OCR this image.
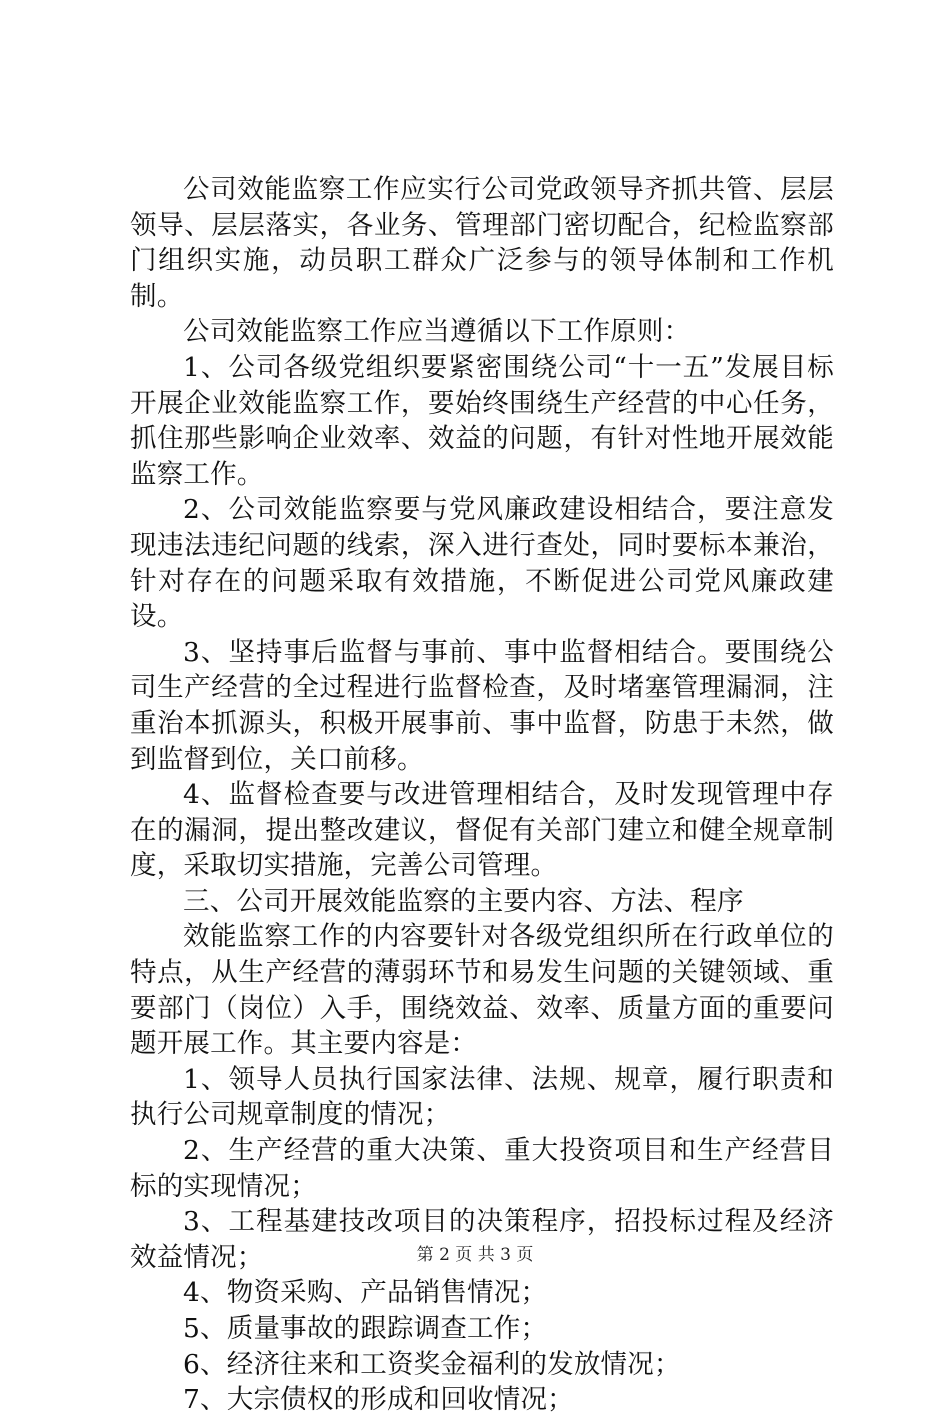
公司效能监察工作应实行公司党政领导齐抓共管、层层领导、层层落实，各业务、管理部门密切配合，纪检监察部门组织实施，动员职工群众广泛参与的领导体制和工作机制。

公司效能监察工作应当遵循以下工作原则：

1、公司各级党组织要紧密围绕公司“十一五”发展目标开展企业效能监察工作，要始终围绕生产经营的中心任务，抓住那些影响企业效率、效益的问题，有针对性地开展效能监察工作。

2、公司效能监察要与党风廉政建设相结合，要注意发现违法违纪问题的线索，深入进行查处，同时要标本兼治，针对存在的问题采取有效措施，不断促进公司党风廉政建设。

3、坚持事后监督与事前、事中监督相结合。要围绕公司生产经营的全过程进行监督检查，及时堵塞管理漏洞，注重治本抓源头，积极开展事前、事中监督，防患于未然，做到监督到位，关口前移。

4、监督检查要与改进管理相结合，及时发现管理中存在的漏洞，提出整改建议，督促有关部门建立和健全规章制度，采取切实措施，完善公司管理。

三、公司开展效能监察的主要内容、方法、程序

效能监察工作的内容要针对各级党组织所在行政单位的特点，从生产经营的薄弱环节和易发生问题的关键领域、重要部门（岗位）入手，围绕效益、效率、质量方面的重要问题开展工作。其主要内容是：

1、领导人员执行国家法律、法规、规章，履行职责和执行公司规章制度的情况；

2、生产经营的重大决策、重大投资项目和生产经营目标的实现情况；

3、工程基建技改项目的决策程序，招投标过程及经济效益情况；

4、物资采购、产品销售情况；

5、质量事故的跟踪调查工作；

6、经济往来和工资奖金福利的发放情况；

7、大宗债权的形成和回收情况；

第 2 页 共 3 页
